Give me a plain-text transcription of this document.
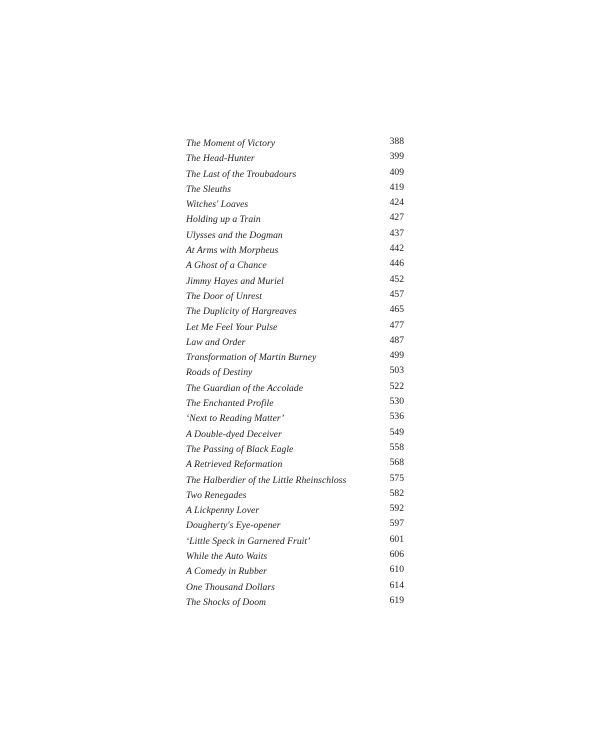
The Moment of Victory	388
The Head-Hunter	399
The Last of the Troubadours	409
The Sleuths	419
Witches' Loaves	424
Holding up a Train	427
Ulysses and the Dogman	437
At Arms with Morpheus	442
A Ghost of a Chance	446
Jimmy Hayes and Muriel	452
The Door of Unrest	457
The Duplicity of Hargreaves	465
Let Me Feel Your Pulse	477
Law and Order	487
Transformation of Martin Burney	499
Roads of Destiny	503
The Guardian of the Accolade	522
The Enchanted Profile	530
‘Next to Reading Matter’	536
A Double-dyed Deceiver	549
The Passing of Black Eagle	558
A Retrieved Reformation	568
The Halberdier of the Little Rheinschloss	575
Two Renegades	582
A Lickpenny Lover	592
Dougherty's Eye-opener	597
‘Little Speck in Garnered Fruit’	601
While the Auto Waits	606
A Comedy in Rubber	610
One Thousand Dollars	614
The Shocks of Doom	619
